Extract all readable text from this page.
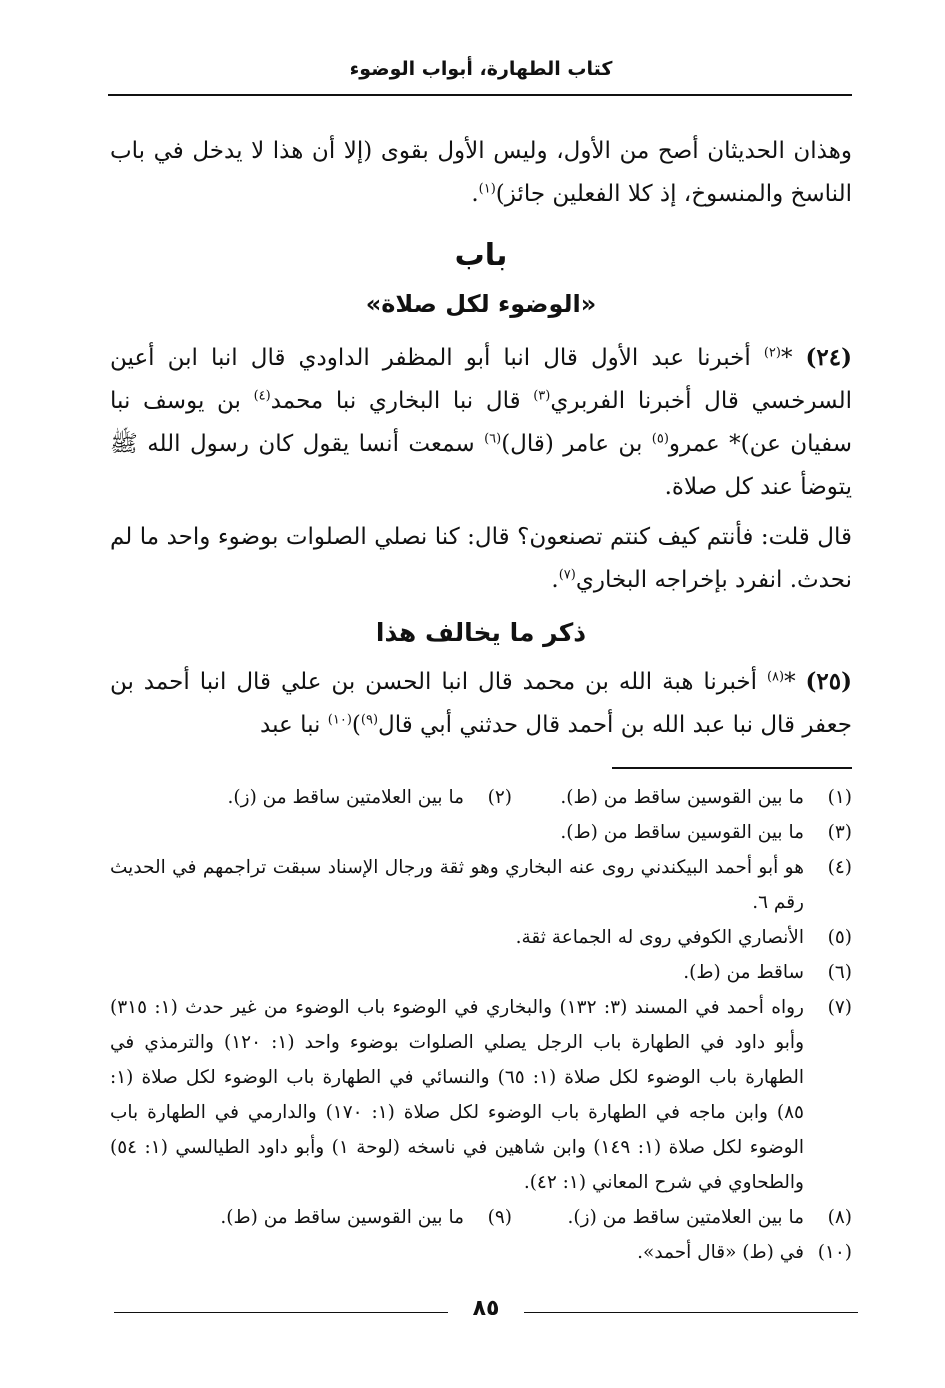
كتاب الطهارة، أبواب الوضوء
وهذان الحديثان أصح من الأول، وليس الأول بقوى (إلا أن هذا لا يدخل في باب الناسخ والمنسوخ، إذ كلا الفعلين جائز)$^{(١)}$.
باب
«الوضوء لكل صلاة»
(٢٤) *$^{(٢)}$ أخبرنا عبد الأول قال انبا أبو المظفر الداودي قال انبا ابن أعين السرخسي قال أخبرنا الفربري$^{(٣)}$ قال نبا البخاري نبا محمد$^{(٤)}$ بن يوسف نبا سفيان عن)* عمرو$^{(٥)}$ بن عامر (قال)$^{(٦)}$ سمعت أنسا يقول كان رسول الله ﷺ يتوضأ عند كل صلاة.
قال قلت: فأنتم كيف كنتم تصنعون؟ قال: كنا نصلي الصلوات بوضوء واحد ما لم نحدث. انفرد بإخراجه البخاري$^{(٧)}$.
ذكر ما يخالف هذا
(٢٥) *$^{(٨)}$ أخبرنا هبة الله بن محمد قال انبا الحسن بن علي قال انبا أحمد بن جعفر قال نبا عبد الله بن أحمد قال حدثني أبي قال$^{(٩)}$)$^{(١٠)}$ نبا عبد
(١)
ما بين القوسين ساقط من (ط).
(٢)
ما بين العلامتين ساقط من (ز).
(٣)
ما بين القوسين ساقط من (ط).
(٤)
هو أبو أحمد البيكندني روى عنه البخاري وهو ثقة ورجال الإسناد سبقت تراجمهم في الحديث رقم ٦.
(٥)
الأنصاري الكوفي روى له الجماعة ثقة.
(٦)
ساقط من (ط).
(٧)
رواه أحمد في المسند (٣: ١٣٢) والبخاري في الوضوء باب الوضوء من غير حدث (١: ٣١٥) وأبو داود في الطهارة باب الرجل يصلي الصلوات بوضوء واحد (١: ١٢٠) والترمذي في الطهارة باب الوضوء لكل صلاة (١: ٦٥) والنسائي في الطهارة باب الوضوء لكل صلاة (١: ٨٥) وابن ماجه في الطهارة باب الوضوء لكل صلاة (١: ١٧٠) والدارمي في الطهارة باب الوضوء لكل صلاة (١: ١٤٩) وابن شاهين في ناسخه (لوحة ١) وأبو داود الطيالسي (١: ٥٤) والطحاوي في شرح المعاني (١: ٤٢).
(٨)
ما بين العلامتين ساقط من (ز).
(٩)
ما بين القوسين ساقط من (ط).
(١٠)
في (ط) «قال أحمد».
٨٥
